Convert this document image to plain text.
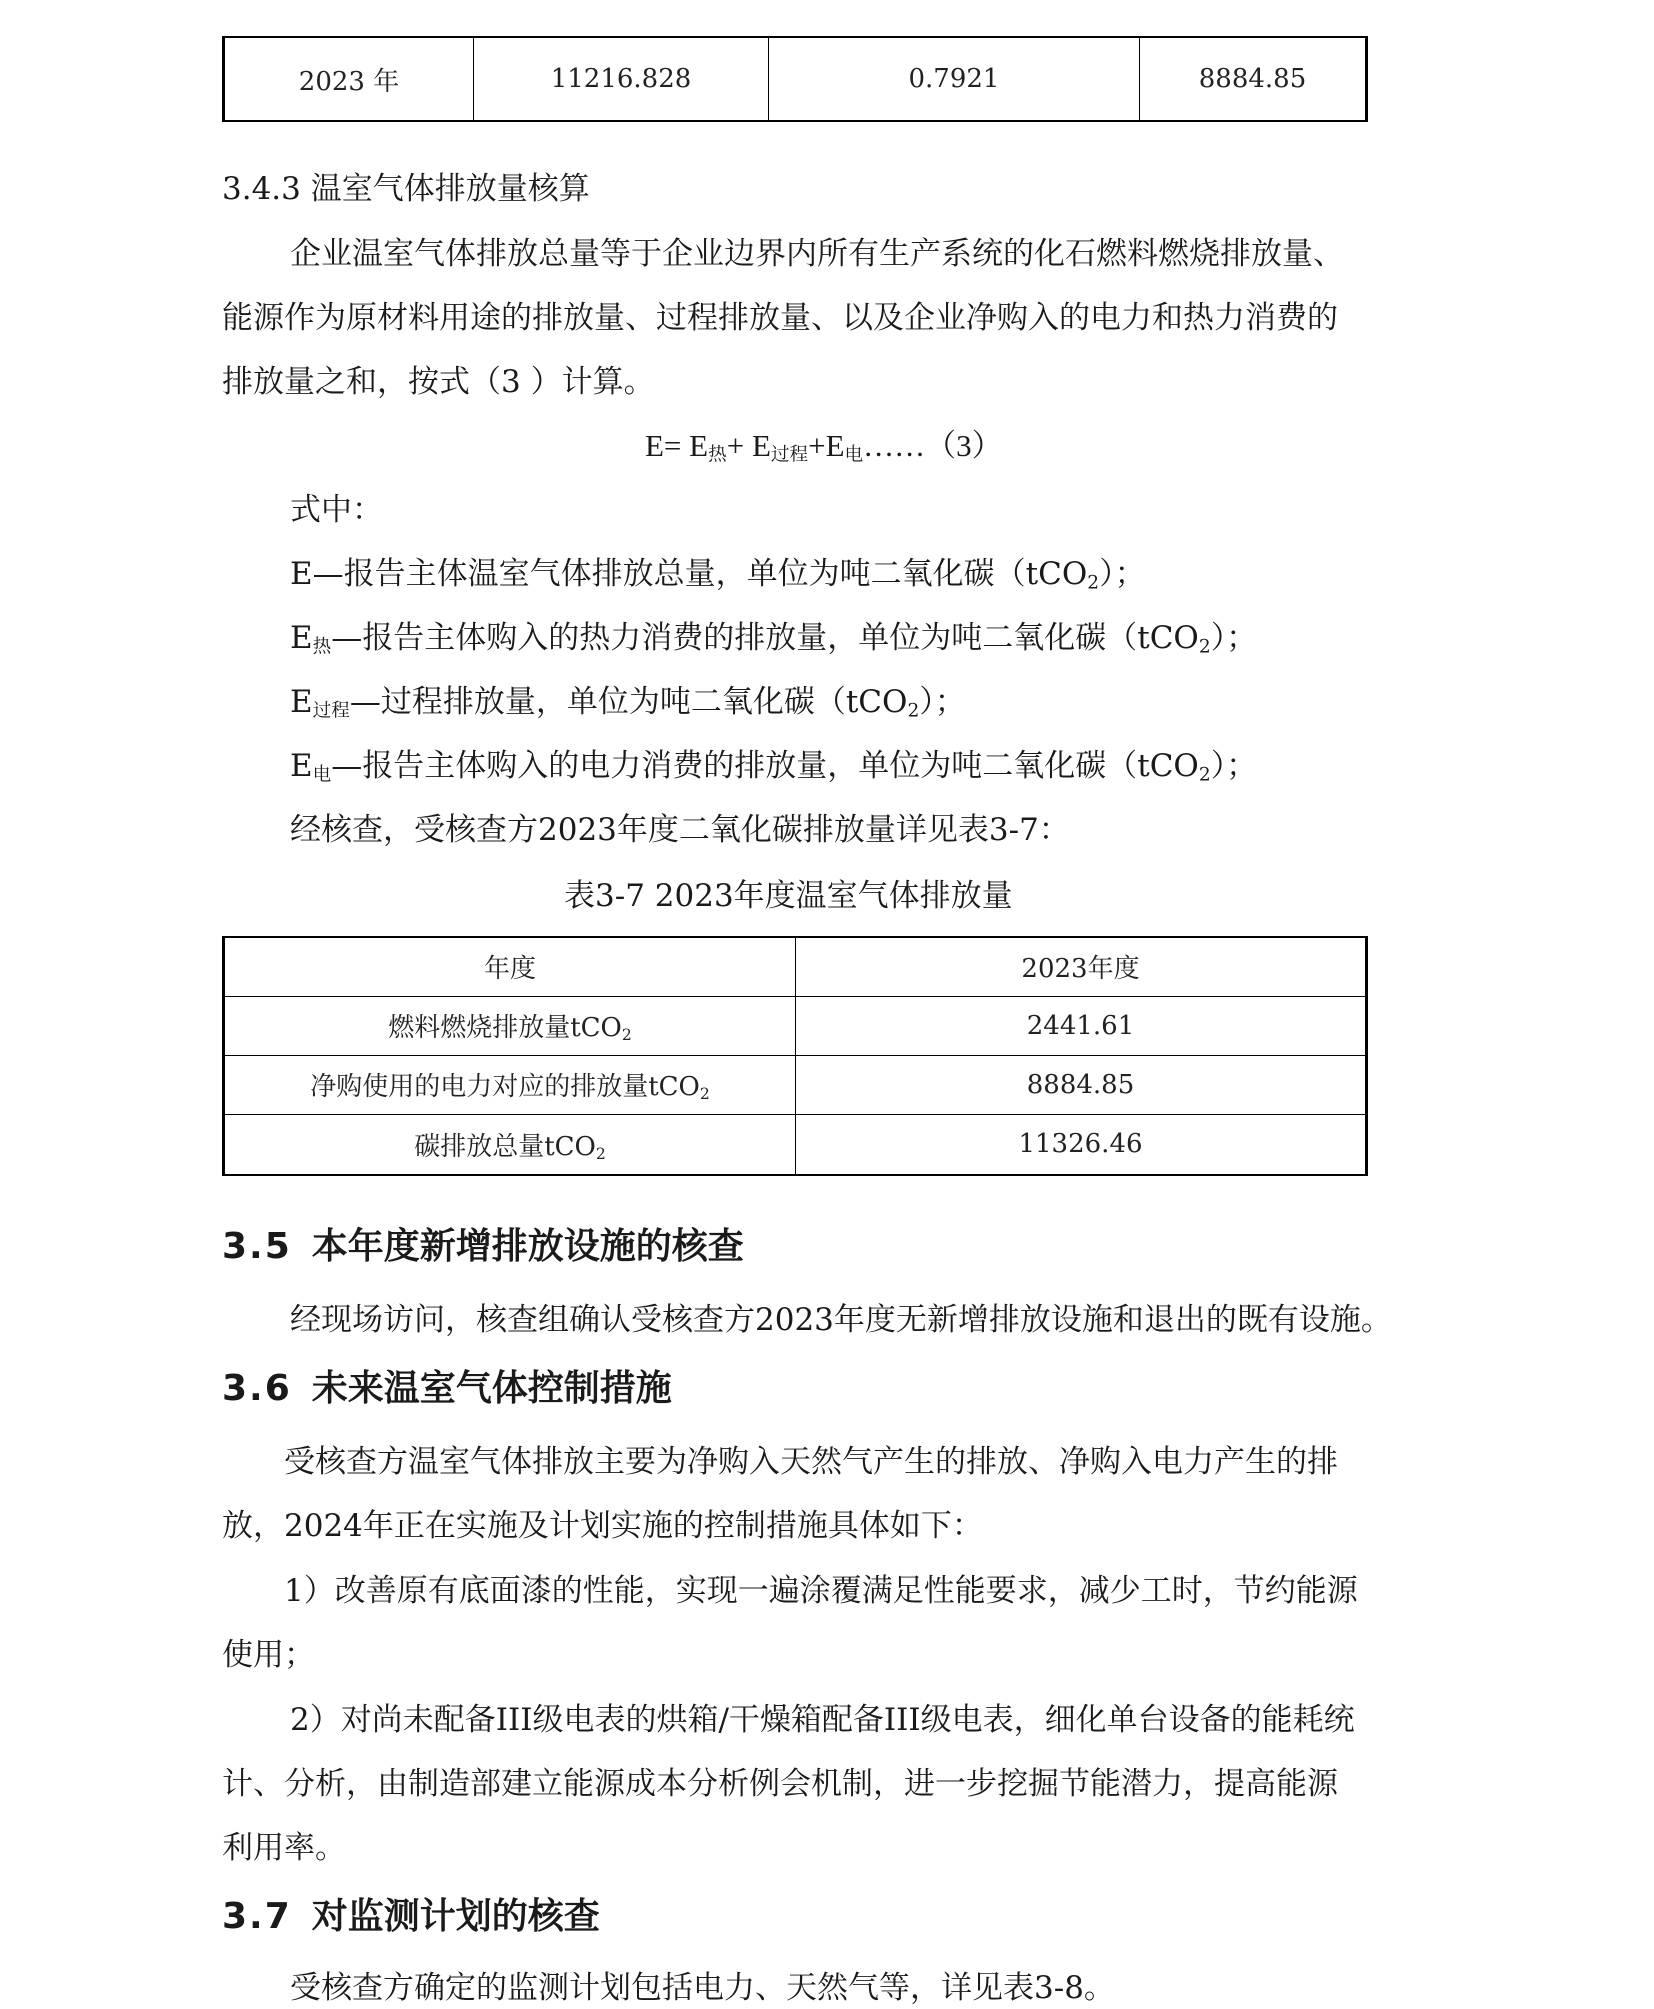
2023 年	11216.828	0.7921	8884.85
3.4.3 温室气体排放量核算
企业温室气体排放总量等于企业边界内所有生产系统的化石燃料燃烧排放量、
能源作为原材料用途的排放量、过程排放量、以及企业净购入的电力和热力消费的
排放量之和，按式（3 ）计算。
$E= E_热+$ $E_{过程}+E_电\dots\dots(3)$
式中：
E—报告主体温室气体排放总量，单位为吨二氧化碳（tCO$_2$）；
$E_热—$报告主体购入的热力消费的排放量，单位为吨二氧化碳（tCO$_2$）；
$E_{过程}—$过程排放量，单位为吨二氧化碳（tCO$_2$）；
$E_电—$报告主体购入的电力消费的排放量，单位为吨二氧化碳（tCO$_2$）；
经核查，受核查方2023年度二氧化碳排放量详见表3-7：
表3-7 2023年度温室气体排放量
年度	2023年度
燃料燃烧排放量tCO$_2$	2441.61
净购使用的电力对应的排放量tCO$_2$	8884.85
碳排放总量tCO$_2$	11326.46
3.5 本年度新增排放设施的核查
经现场访问，核查组确认受核查方2023年度无新增排放设施和退出的既有设施。
3.6 未来温室气体控制措施
受核查方温室气体排放主要为净购入天然气产生的排放、净购入电力产生的排
放，2024年正在实施及计划实施的控制措施具体如下：
1）改善原有底面漆的性能，实现一遍涂覆满足性能要求，减少工时，节约能源
使用；
2）对尚未配备III级电表的烘箱/干燥箱配备III级电表，细化单台设备的能耗统
计、分析，由制造部建立能源成本分析例会机制，进一步挖掘节能潜力，提高能源
利用率。
3.7 对监测计划的核查
受核查方确定的监测计划包括电力、天然气等，详见表3-8。
